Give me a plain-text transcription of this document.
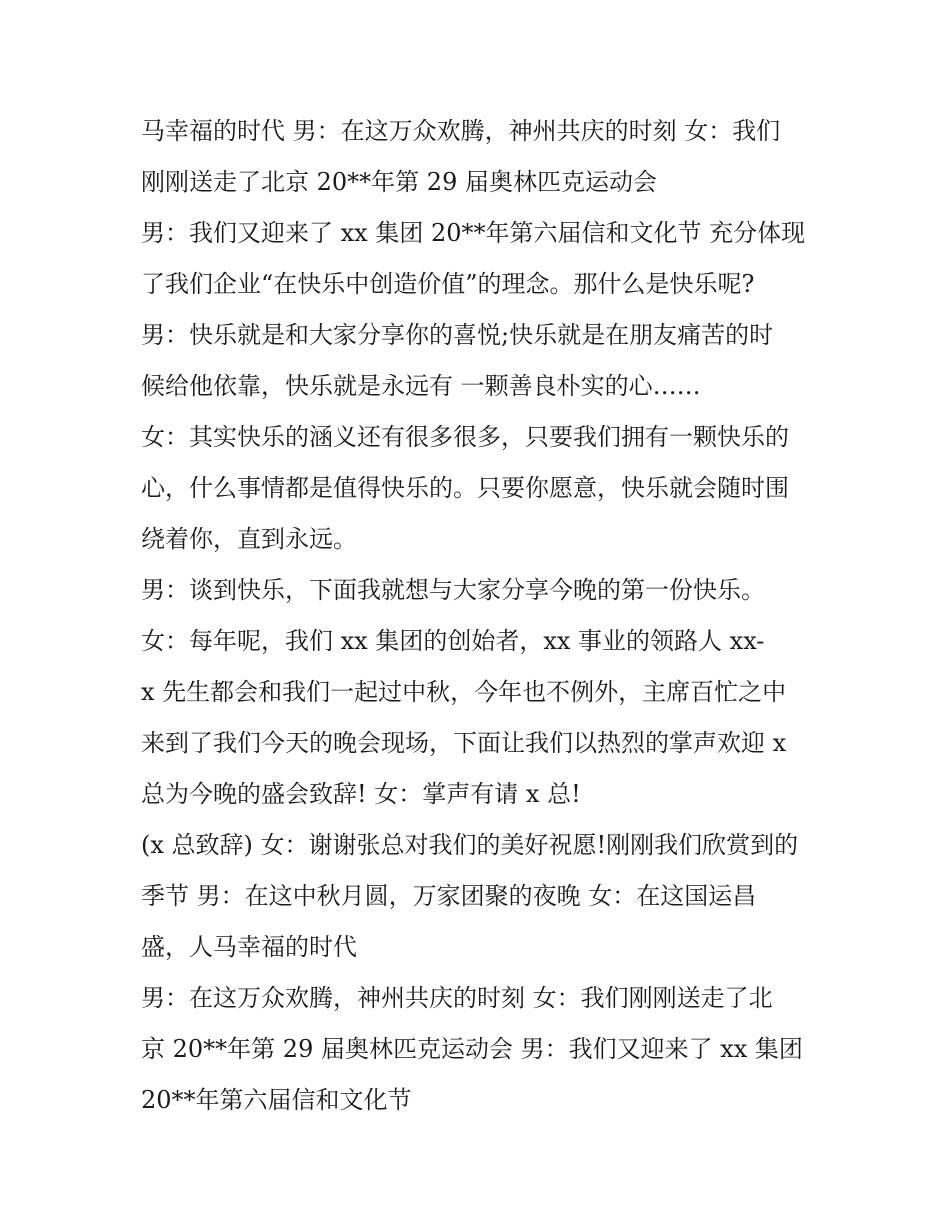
马幸福的时代 男：在这万众欢腾，神州共庆的时刻 女：我们
刚刚送走了北京 20**年第 29 届奥林匹克运动会
男：我们又迎来了 xx 集团 20**年第六届信和文化节 充分体现
了我们企业“在快乐中创造价值”的理念。那什么是快乐呢?
男：快乐就是和大家分享你的喜悦;快乐就是在朋友痛苦的时
候给他依靠，快乐就是永远有 一颗善良朴实的心……
女：其实快乐的涵义还有很多很多，只要我们拥有一颗快乐的
心，什么事情都是值得快乐的。只要你愿意，快乐就会随时围
绕着你，直到永远。
男：谈到快乐，下面我就想与大家分享今晚的第一份快乐。
女：每年呢，我们 xx 集团的创始者，xx 事业的领路人 xx-
x 先生都会和我们一起过中秋，今年也不例外，主席百忙之中
来到了我们今天的晚会现场，下面让我们以热烈的掌声欢迎 x
总为今晚的盛会致辞! 女：掌声有请 x 总!
(x 总致辞) 女：谢谢张总对我们的美好祝愿!刚刚我们欣赏到的
季节 男：在这中秋月圆，万家团聚的夜晚 女：在这国运昌
盛，人马幸福的时代
男：在这万众欢腾，神州共庆的时刻 女：我们刚刚送走了北
京 20**年第 29 届奥林匹克运动会 男：我们又迎来了 xx 集团
20**年第六届信和文化节
